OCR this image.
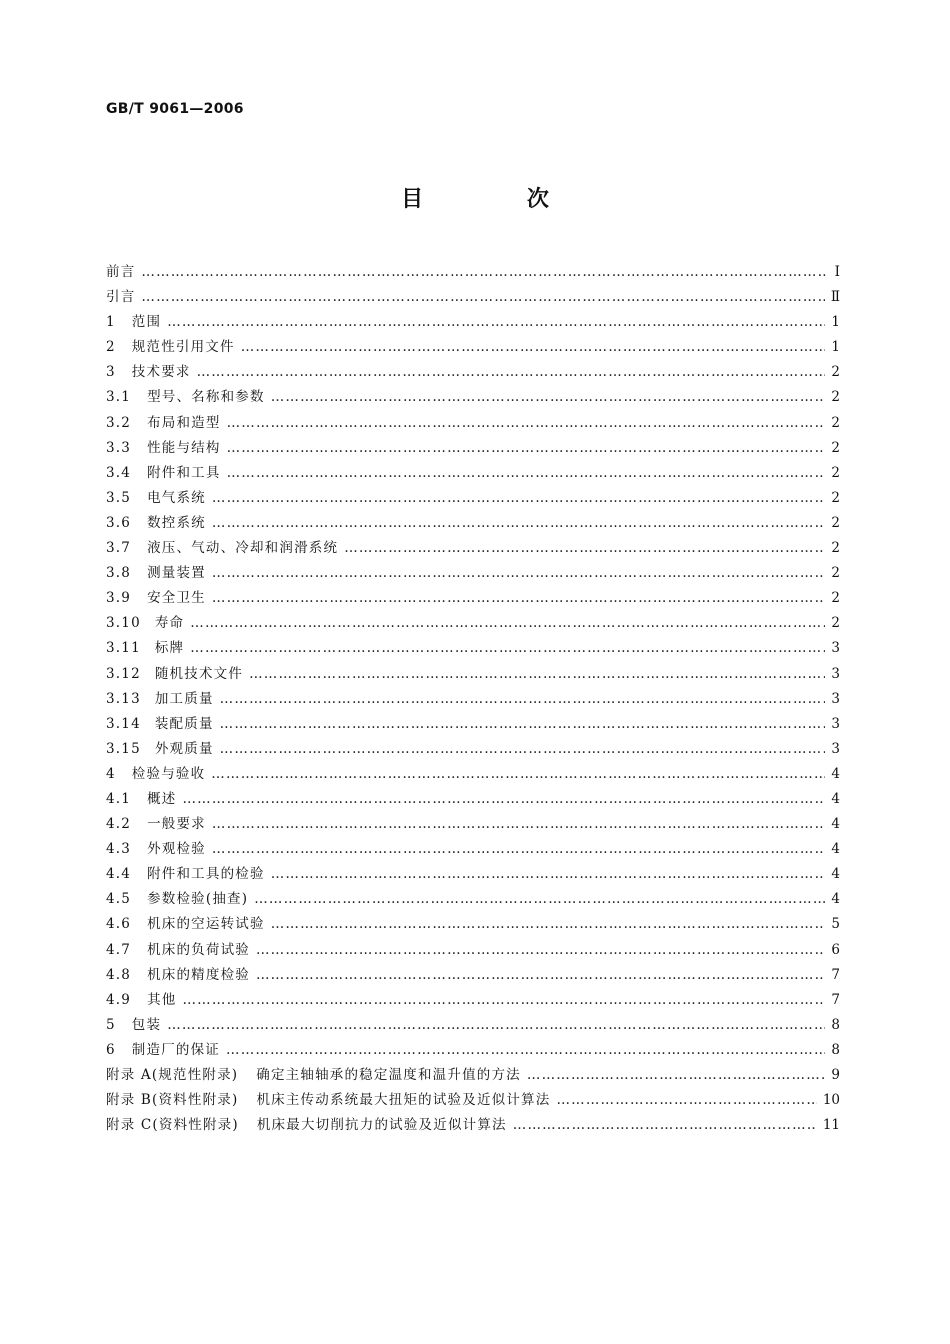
GB/T 9061—2006
目 次
前言 ………………………………………………………………………………………………………………………………………………………………………………	Ⅰ
引言 ………………………………………………………………………………………………………………………………………………………………………………	Ⅱ
1 范围 ………………………………………………………………………………………………………………………………………………………………………………	1
2 规范性引用文件 ………………………………………………………………………………………………………………………………………………………………………………	1
3 技术要求 ………………………………………………………………………………………………………………………………………………………………………………	2
3.1 型号、名称和参数 ………………………………………………………………………………………………………………………………………………………………………………	2
3.2 布局和造型 ………………………………………………………………………………………………………………………………………………………………………………	2
3.3 性能与结构 ………………………………………………………………………………………………………………………………………………………………………………	2
3.4 附件和工具 ………………………………………………………………………………………………………………………………………………………………………………	2
3.5 电气系统 ………………………………………………………………………………………………………………………………………………………………………………	2
3.6 数控系统 ………………………………………………………………………………………………………………………………………………………………………………	2
3.7 液压、气动、冷却和润滑系统 ………………………………………………………………………………………………………………………………………………………………………………	2
3.8 测量装置 ………………………………………………………………………………………………………………………………………………………………………………	2
3.9 安全卫生 ………………………………………………………………………………………………………………………………………………………………………………	2
3.10 寿命 ………………………………………………………………………………………………………………………………………………………………………………	2
3.11 标牌 ………………………………………………………………………………………………………………………………………………………………………………	3
3.12 随机技术文件 ………………………………………………………………………………………………………………………………………………………………………………	3
3.13 加工质量 ………………………………………………………………………………………………………………………………………………………………………………	3
3.14 装配质量 ………………………………………………………………………………………………………………………………………………………………………………	3
3.15 外观质量 ………………………………………………………………………………………………………………………………………………………………………………	3
4 检验与验收 ………………………………………………………………………………………………………………………………………………………………………………	4
4.1 概述 ………………………………………………………………………………………………………………………………………………………………………………	4
4.2 一般要求 ………………………………………………………………………………………………………………………………………………………………………………	4
4.3 外观检验 ………………………………………………………………………………………………………………………………………………………………………………	4
4.4 附件和工具的检验 ………………………………………………………………………………………………………………………………………………………………………………	4
4.5 参数检验(抽查) ………………………………………………………………………………………………………………………………………………………………………………	4
4.6 机床的空运转试验 ………………………………………………………………………………………………………………………………………………………………………………	5
4.7 机床的负荷试验 ………………………………………………………………………………………………………………………………………………………………………………	6
4.8 机床的精度检验 ………………………………………………………………………………………………………………………………………………………………………………	7
4.9 其他 ………………………………………………………………………………………………………………………………………………………………………………	7
5 包装 ………………………………………………………………………………………………………………………………………………………………………………	8
6 制造厂的保证 ………………………………………………………………………………………………………………………………………………………………………………	8
附录 A(规范性附录) 确定主轴轴承的稳定温度和温升值的方法 ………………………………………………………………………………………………………………………………………………………………………………	9
附录 B(资料性附录) 机床主传动系统最大扭矩的试验及近似计算法 ………………………………………………………………………………………………………………………………………………………………………………	10
附录 C(资料性附录) 机床最大切削抗力的试验及近似计算法 ………………………………………………………………………………………………………………………………………………………………………………	11
